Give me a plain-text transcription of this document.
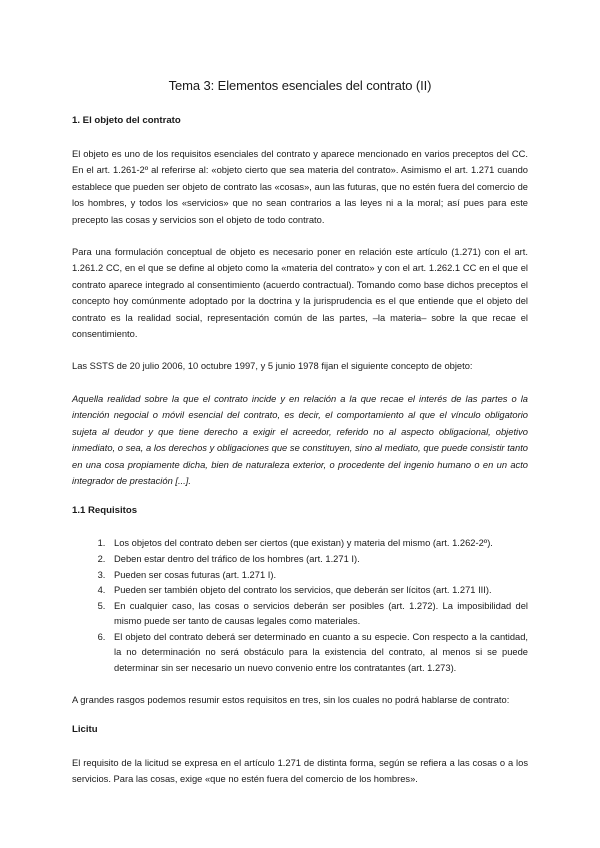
Tema 3: Elementos esenciales del contrato (II)
1. El objeto del contrato

El objeto es uno de los requisitos esenciales del contrato y aparece mencionado en varios preceptos del CC. En el art. 1.261-2º al referirse al: «objeto cierto que sea materia del contrato». Asimismo el art. 1.271 cuando establece que pueden ser objeto de contrato las «cosas», aun las futuras, que no estén fuera del comercio de los hombres, y todos los «servicios» que no sean contrarios a las leyes ni a la moral; así pues para este precepto las cosas y servicios son el objeto de todo contrato.

Para una formulación conceptual de objeto es necesario poner en relación este artículo (1.271) con el art. 1.261.2 CC, en el que se define al objeto como la «materia del contrato» y con el art. 1.262.1 CC en el que el contrato aparece integrado al consentimiento (acuerdo contractual). Tomando como base dichos preceptos el concepto hoy comúnmente adoptado por la doctrina y la jurisprudencia es el que entiende que el objeto del contrato es la realidad social, representación común de las partes, –la materia– sobre la que recae el consentimiento.

Las SSTS de 20 julio 2006, 10 octubre 1997, y 5 junio 1978 fijan el siguiente concepto de objeto:

Aquella realidad sobre la que el contrato incide y en relación a la que recae el interés de las partes o la intención negocial o móvil esencial del contrato, es decir, el comportamiento al que el vínculo obligatorio sujeta al deudor y que tiene derecho a exigir el acreedor, referido no al aspecto obligacional, objetivo inmediato, o sea, a los derechos y obligaciones que se constituyen, sino al mediato, que puede consistir tanto en una cosa propiamente dicha, bien de naturaleza exterior, o procedente del ingenio humano o en un acto integrador de prestación [...].

1.1 Requisitos
1. Los objetos del contrato deben ser ciertos (que existan) y materia del mismo (art. 1.262-2º).
2. Deben estar dentro del tráfico de los hombres (art. 1.271 I).
3. Pueden ser cosas futuras (art. 1.271 I).
4. Pueden ser también objeto del contrato los servicios, que deberán ser lícitos (art. 1.271 III).
5. En cualquier caso, las cosas o servicios deberán ser posibles (art. 1.272). La imposibilidad del mismo puede ser tanto de causas legales como materiales.
6. El objeto del contrato deberá ser determinado en cuanto a su especie. Con respecto a la cantidad, la no determinación no será obstáculo para la existencia del contrato, al menos si se puede determinar sin ser necesario un nuevo convenio entre los contratantes (art. 1.273).

A grandes rasgos podemos resumir estos requisitos en tres, sin los cuales no podrá hablarse de contrato:

Licitu

El requisito de la licitud se expresa en el artículo 1.271 de distinta forma, según se refiera a las cosas o a los servicios. Para las cosas, exige «que no estén fuera del comercio de los hombres».
